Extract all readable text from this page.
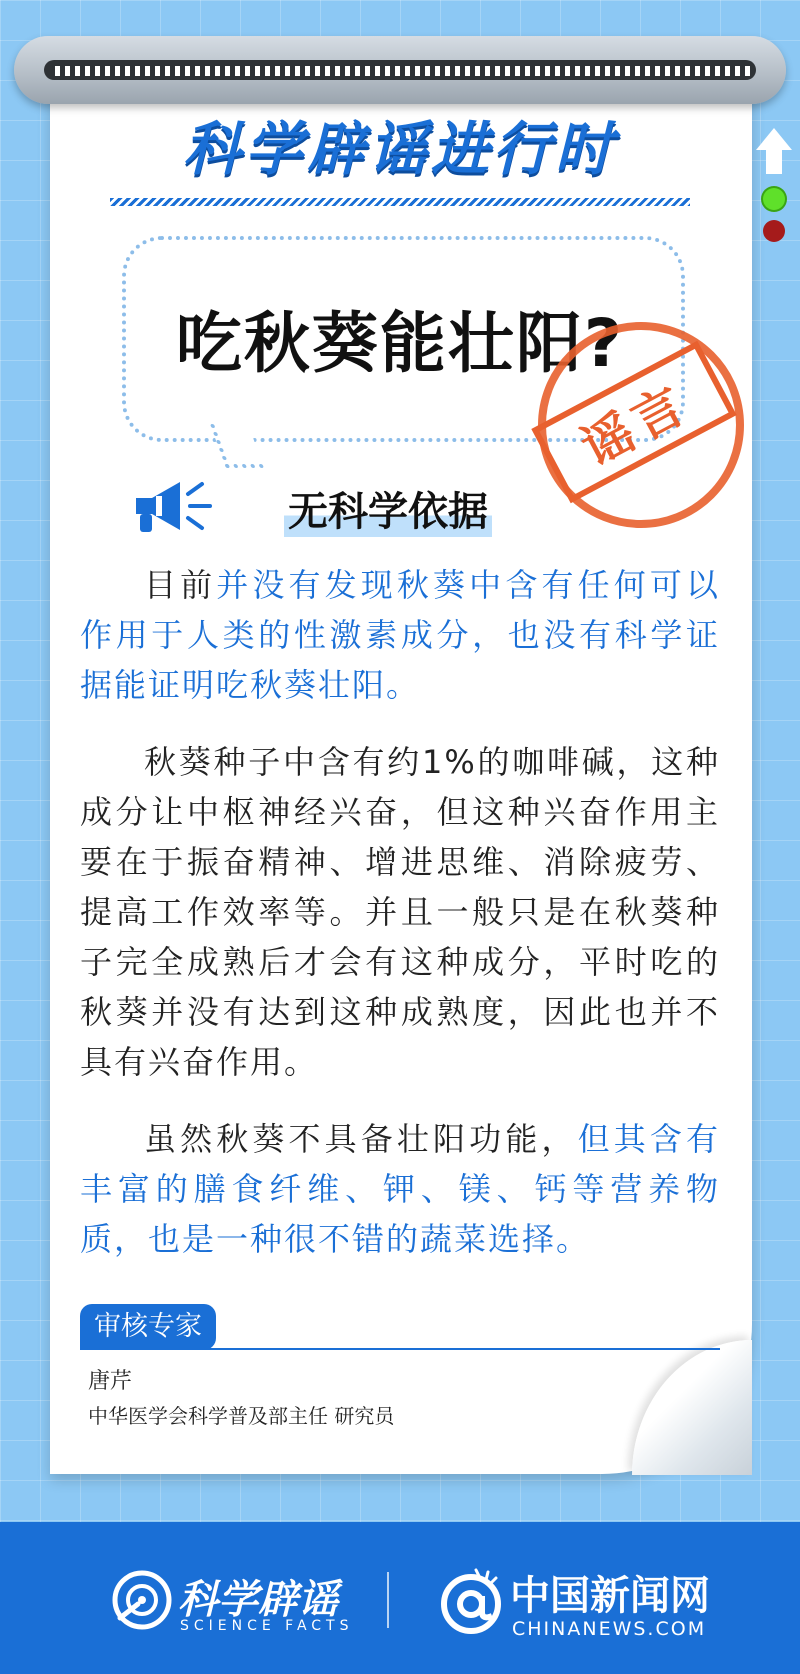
科学辟谣进行时
吃秋葵能壮阳?
谣言
无科学依据

目前并没有发现秋葵中含有任何可以作用于人类的性激素成分，也没有科学证据能证明吃秋葵壮阳。

秋葵种子中含有约1%的咖啡碱，这种成分让中枢神经兴奋，但这种兴奋作用主要在于振奋精神、增进思维、消除疲劳、提高工作效率等。并且一般只是在秋葵种子完全成熟后才会有这种成分，平时吃的秋葵并没有达到这种成熟度，因此也并不具有兴奋作用。

虽然秋葵不具备壮阳功能，但其含有丰富的膳食纤维、钾、镁、钙等营养物质，也是一种很不错的蔬菜选择。

审核专家

唐芹

中华医学会科学普及部主任 研究员

科学辟谣

SCIENCE FACTS

中国新闻网

CHINANEWS.COM
